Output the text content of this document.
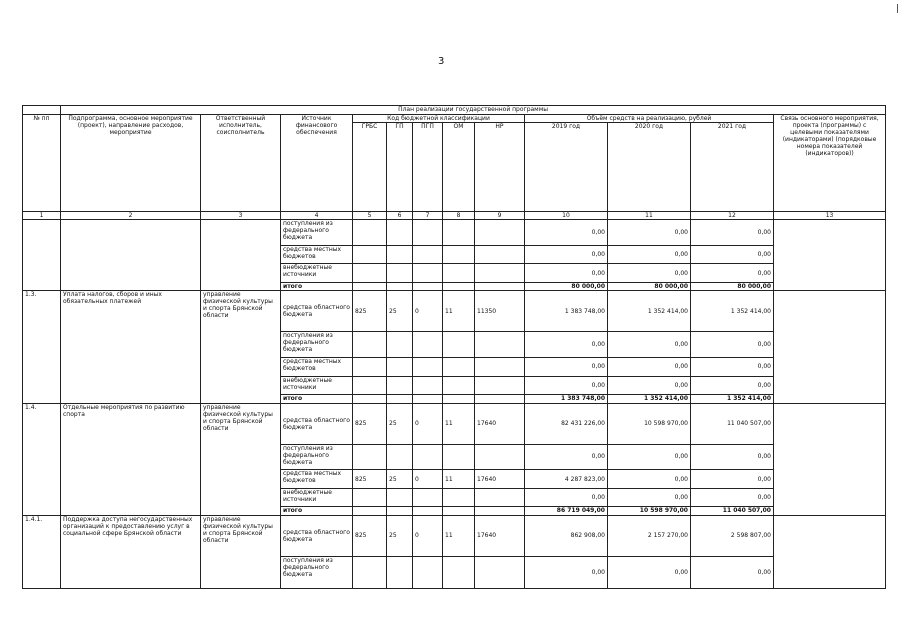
3
	План реализации государственной программы											
№ пп	Подпрограмма, основное мероприятие (проект), направление расходов, мероприятие	Ответственный исполнитель, соисполнитель	Источник финансового обеспечения	Код бюджетной классификации					Объём средств на реализацию, рублей			Связь основного мероприятия, проекта (программы) с целевыми показателями (индикаторами) (порядковые номера показателей (индикаторов))
				ГРБС	ГП	ПГП	ОМ	НР	2019 год	2020 год	2021 год	
1	2	3	4	5	6	7	8	9	10	11	12	13
			поступления из федерального бюджета						0,00	0,00	0,00	
			средства местных бюджетов						0,00	0,00	0,00	
			внебюджетные источники						0,00	0,00	0,00	
			итого						80 000,00	80 000,00	80 000,00	
1.3.	Уплата налогов, сборов и иных обязательных платежей	управление физической культуры и спорта Брянской области	средства областного бюджета	825	25	0	11	11350	1 383 748,00	1 352 414,00	1 352 414,00	
			поступления из федерального бюджета						0,00	0,00	0,00	
			средства местных бюджетов						0,00	0,00	0,00	
			внебюджетные источники						0,00	0,00	0,00	
			итого						1 383 748,00	1 352 414,00	1 352 414,00	
1.4.	Отдельные мероприятия по развитию спорта	управление физической культуры и спорта Брянской области	средства областного бюджета	825	25	0	11	17640	82 431 226,00	10 598 970,00	11 040 507,00	
			поступления из федерального бюджета						0,00	0,00	0,00	
			средства местных бюджетов	825	25	0	11	17640	4 287 823,00	0,00	0,00	
			внебюджетные источники						0,00	0,00	0,00	
			итого						86 719 049,00	10 598 970,00	11 040 507,00	
1.4.1.	Поддержка доступа негосударственных организаций к предоставлению услуг в социальной сфере Брянской области	управление физической культуры и спорта Брянской области	средства областного бюджета	825	25	0	11	17640	862 908,00	2 157 270,00	2 598 807,00	
			поступления из федерального бюджета						0,00	0,00	0,00	
